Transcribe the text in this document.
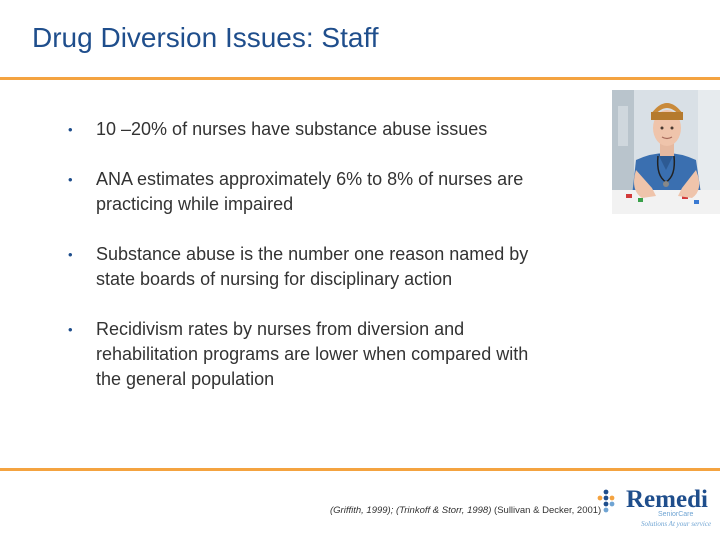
Drug Diversion Issues: Staff
• 10 –20% of nurses have substance abuse issues
• ANA estimates approximately 6% to 8% of nurses are
practicing while impaired
• Substance abuse is the number one reason named by
state boards of nursing for disciplinary action
• Recidivism rates by nurses from diversion and
rehabilitation programs are lower when compared with
the general population
(Griffith, 1999); (Trinkoff & Storr, 1998) (Sullivan & Decker, 2001) Remedi
SeniorCare
Solutions At your service
